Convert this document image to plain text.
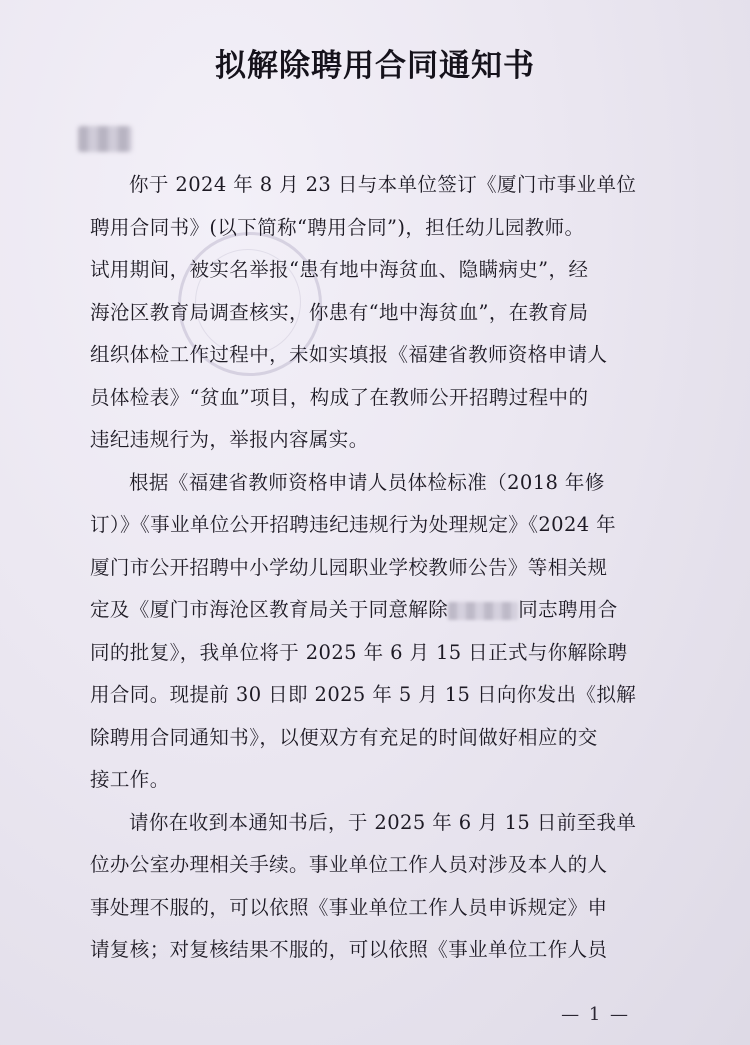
拟解除聘用合同通知书

你于 2024 年 8 月 23 日与本单位签订《厦门市事业单位
聘用合同书》(以下简称“聘用合同”)，担任幼儿园教师。
试用期间，被实名举报“患有地中海贫血、隐瞒病史”，经
海沧区教育局调查核实，你患有“地中海贫血”，在教育局
组织体检工作过程中，未如实填报《福建省教师资格申请人
员体检表》“贫血”项目，构成了在教师公开招聘过程中的
违纪违规行为，举报内容属实。

根据《福建省教师资格申请人员体检标准（2018 年修
订）》《事业单位公开招聘违纪违规行为处理规定》《2024 年
厦门市公开招聘中小学幼儿园职业学校教师公告》等相关规
定及《厦门市海沧区教育局关于同意解除	同志聘用合
同的批复》，我单位将于 2025 年 6 月 15 日正式与你解除聘
用合同。现提前 30 日即 2025 年 5 月 15 日向你发出《拟解
除聘用合同通知书》，以便双方有充足的时间做好相应的交
接工作。

请你在收到本通知书后，于 2025 年 6 月 15 日前至我单
位办公室办理相关手续。事业单位工作人员对涉及本人的人
事处理不服的，可以依照《事业单位工作人员申诉规定》申
请复核；对复核结果不服的，可以依照《事业单位工作人员

— 1 —
